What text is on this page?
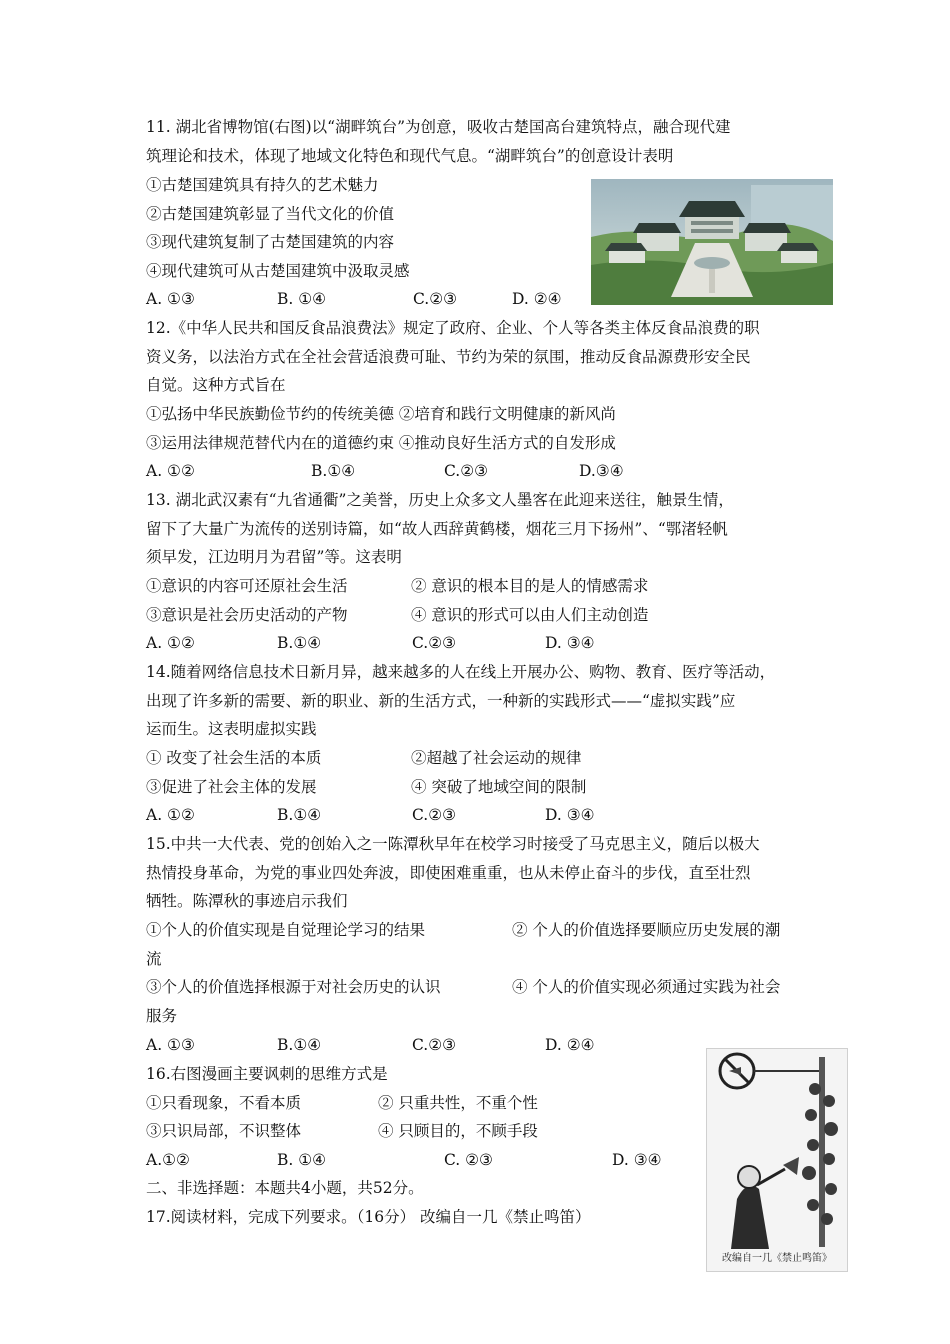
11. 湖北省博物馆(右图)以“湖畔筑台”为创意，吸收古楚国高台建筑特点，融合现代建
筑理论和技术，体现了地域文化特色和现代气息。“湖畔筑台”的创意设计表明
①古楚国建筑具有持久的艺术魅力
②古楚国建筑彰显了当代文化的价值
③现代建筑复制了古楚国建筑的内容
④现代建筑可从古楚国建筑中汲取灵感
A. ①③	B. ①④	C.②③	D. ②④
12.《中华人民共和国反食品浪费法》规定了政府、企业、个人等各类主体反食品浪费的职
资义务，以法治方式在全社会营适浪费可耻、节约为荣的氛围，推动反食品源费形安全民
自觉。这种方式旨在
①弘扬中华民族勤俭节约的传统美德 ②培育和践行文明健康的新风尚
③运用法律规范替代内在的道德约束 ④推动良好生活方式的自发形成
A. ①②	B.①④	C.②③	D.③④
13. 湖北武汉素有“九省通衢”之美誉，历史上众多文人墨客在此迎来送往，触景生情，
留下了大量广为流传的送别诗篇，如“故人西辞黄鹤楼，烟花三月下扬州”、“鄂渚轻帆
须早发，江边明月为君留”等。这表明
①意识的内容可还原社会生活	② 意识的根本目的是人的情感需求
③意识是社会历史活动的产物	④ 意识的形式可以由人们主动创造
A. ①②	B.①④	C.②③	D. ③④
14.随着网络信息技术日新月异，越来越多的人在线上开展办公、购物、教育、医疗等活动，
出现了许多新的需要、新的职业、新的生活方式，一种新的实践形式——“虚拟实践”应
运而生。这表明虚拟实践
① 改变了社会生活的本质	②超越了社会运动的规律
③促进了社会主体的发展	④ 突破了地域空间的限制
A. ①②	B.①④	C.②③	D. ③④
15.中共一大代表、党的创始入之一陈潭秋早年在校学习时接受了马克思主义，随后以极大
热情投身革命，为党的事业四处奔波，即使困难重重，也从未停止奋斗的步伐，直至壮烈
牺牲。陈潭秋的事迹启示我们
①个人的价值实现是自觉理论学习的结果	② 个人的价值选择要顺应历史发展的潮
流
③个人的价值选择根源于对社会历史的认识	④ 个人的价值实现必须通过实践为社会
服务
A. ①③	B.①④	C.②③	D. ②④
16.右图漫画主要讽刺的思维方式是
①只看现象，不看本质	② 只重共性，不重个性
③只识局部，不识整体	④ 只顾目的，不顾手段
A.①②	B. ①④	C. ②③	D. ③④
二、非选择题：本题共4小题，共52分。
17.阅读材料，完成下列要求。（16分） 改编自一几《禁止鸣笛）
改编自一几《禁止鸣笛》
